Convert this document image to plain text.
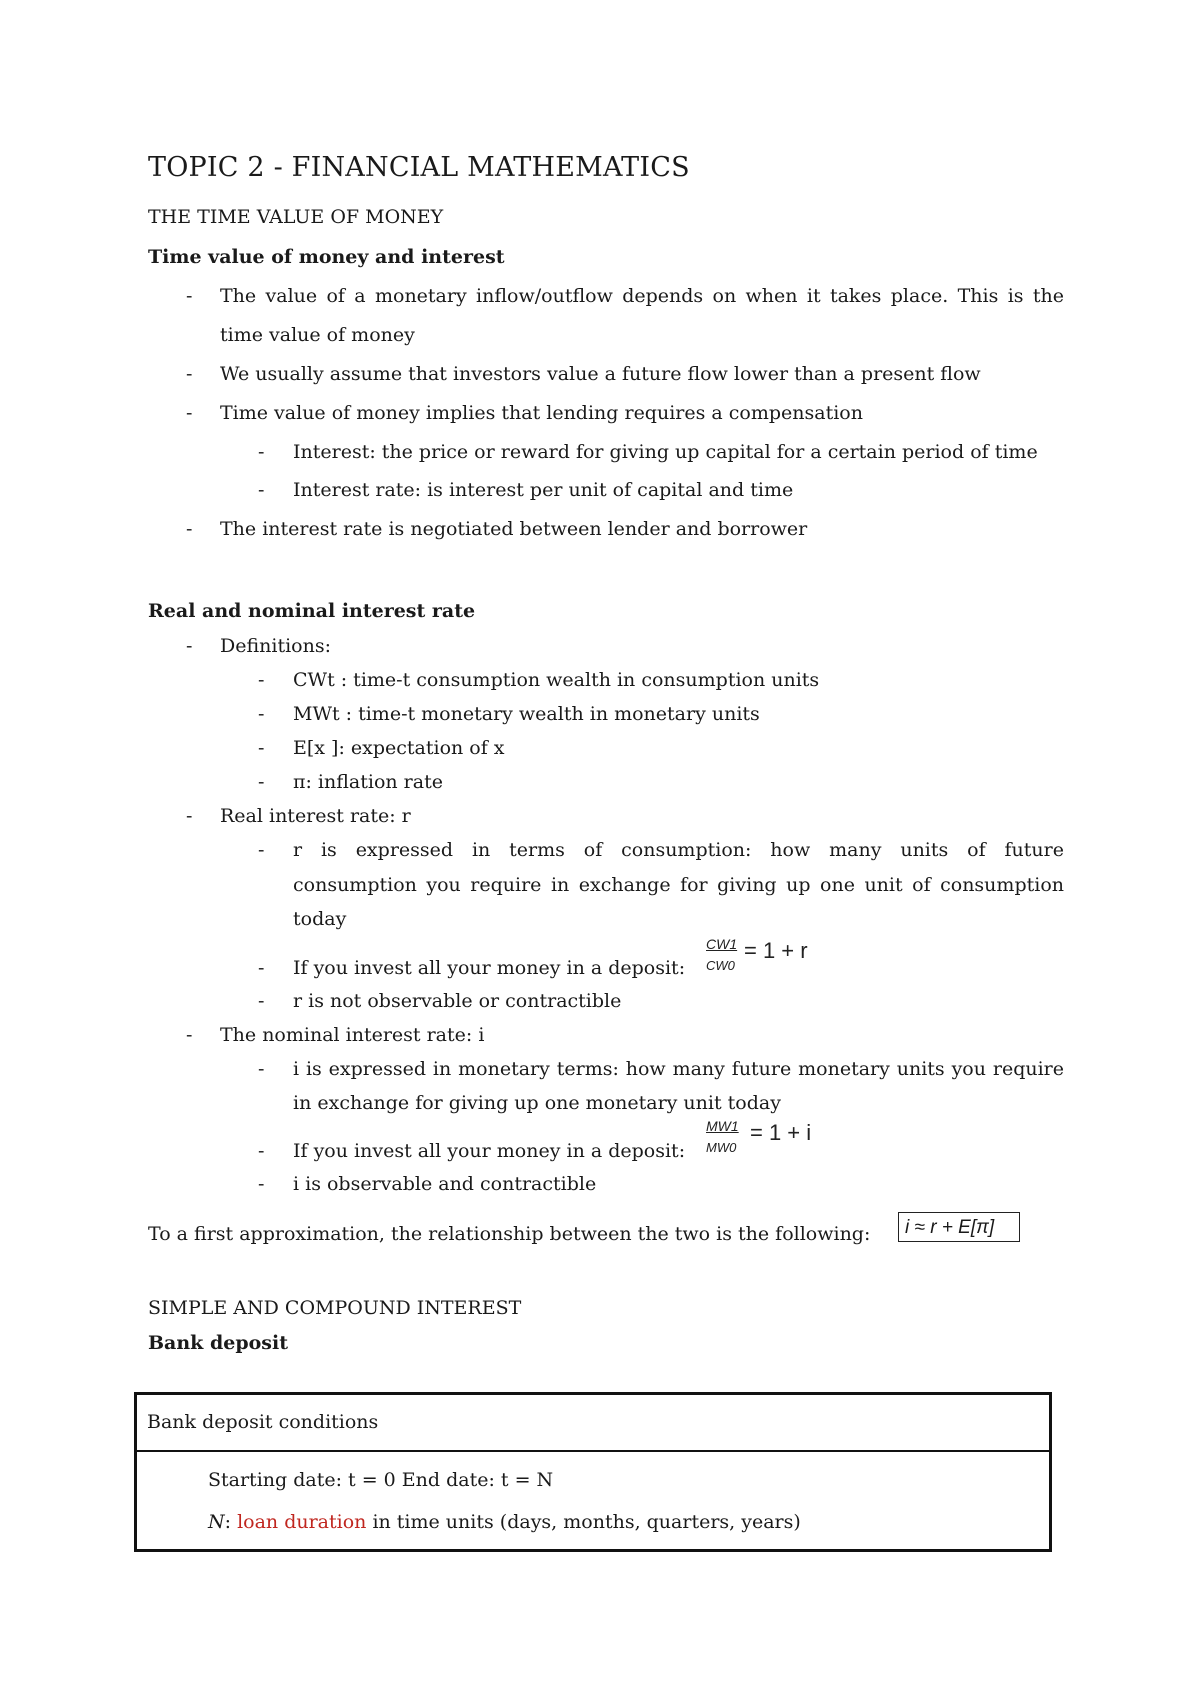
TOPIC 2 - FINANCIAL MATHEMATICS
THE TIME VALUE OF MONEY
Time value of money and interest
- The value of a monetary inflow/outflow depends on when it takes place. This is the
time value of money
- We usually assume that investors value a future flow lower than a present flow
- Time value of money implies that lending requires a compensation
- Interest: the price or reward for giving up capital for a certain period of time
- Interest rate: is interest per unit of capital and time
- The interest rate is negotiated between lender and borrower
Real and nominal interest rate
- Definitions:
- CWt : time-t consumption wealth in consumption units
- MWt : time-t monetary wealth in monetary units
- E[x ]: expectation of x
- π: inflation rate
- Real interest rate: r
- r is expressed in terms of consumption: how many units of future
consumption you require in exchange for giving up one unit of consumption
today
- If you invest all your money in a deposit:
CW1
CW0
= 1 + r
- r is not observable or contractible
- The nominal interest rate: i
- i is expressed in monetary terms: how many future monetary units you require
in exchange for giving up one monetary unit today
- If you invest all your money in a deposit:
MW1
MW0
= 1 + i
- i is observable and contractible
To a first approximation, the relationship between the two is the following:	i ≈ r + E[π]
SIMPLE AND COMPOUND INTEREST
Bank deposit
Bank deposit conditions
Starting date: t = 0 End date: t = N
N: loan duration in time units (days, months, quarters, years)
